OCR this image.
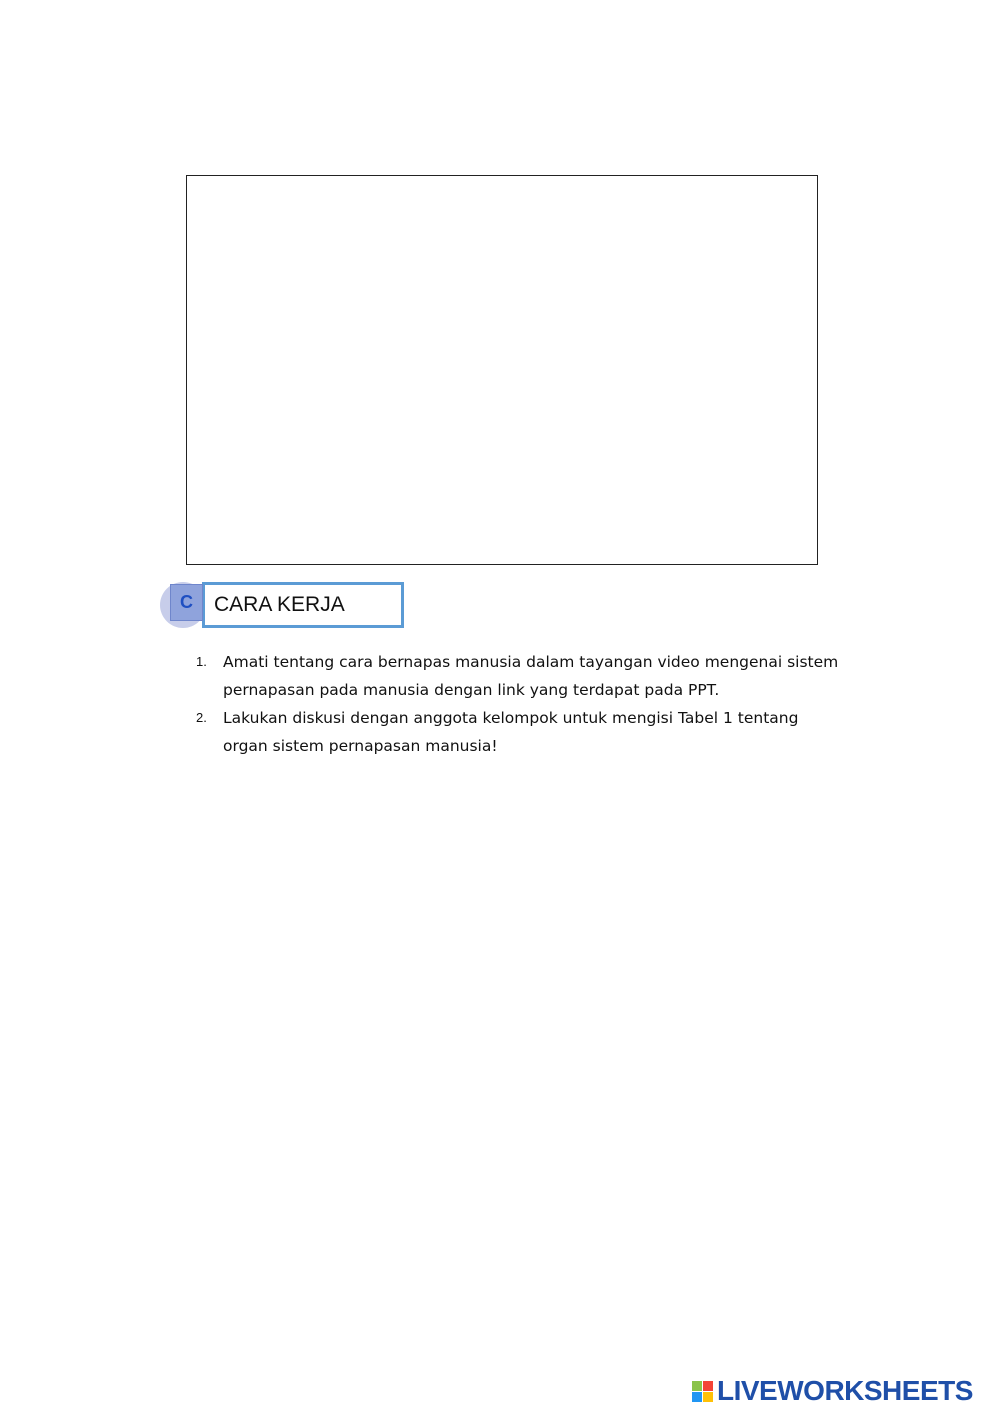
CARA KERJA
C
1. Amati tentang cara bernapas manusia dalam tayangan video mengenai sistem
pernapasan pada manusia dengan link yang terdapat pada PPT.
2. Lakukan diskusi dengan anggota kelompok untuk mengisi Tabel 1 tentang
organ sistem pernapasan manusia!
LIVEWORKSHEETS
